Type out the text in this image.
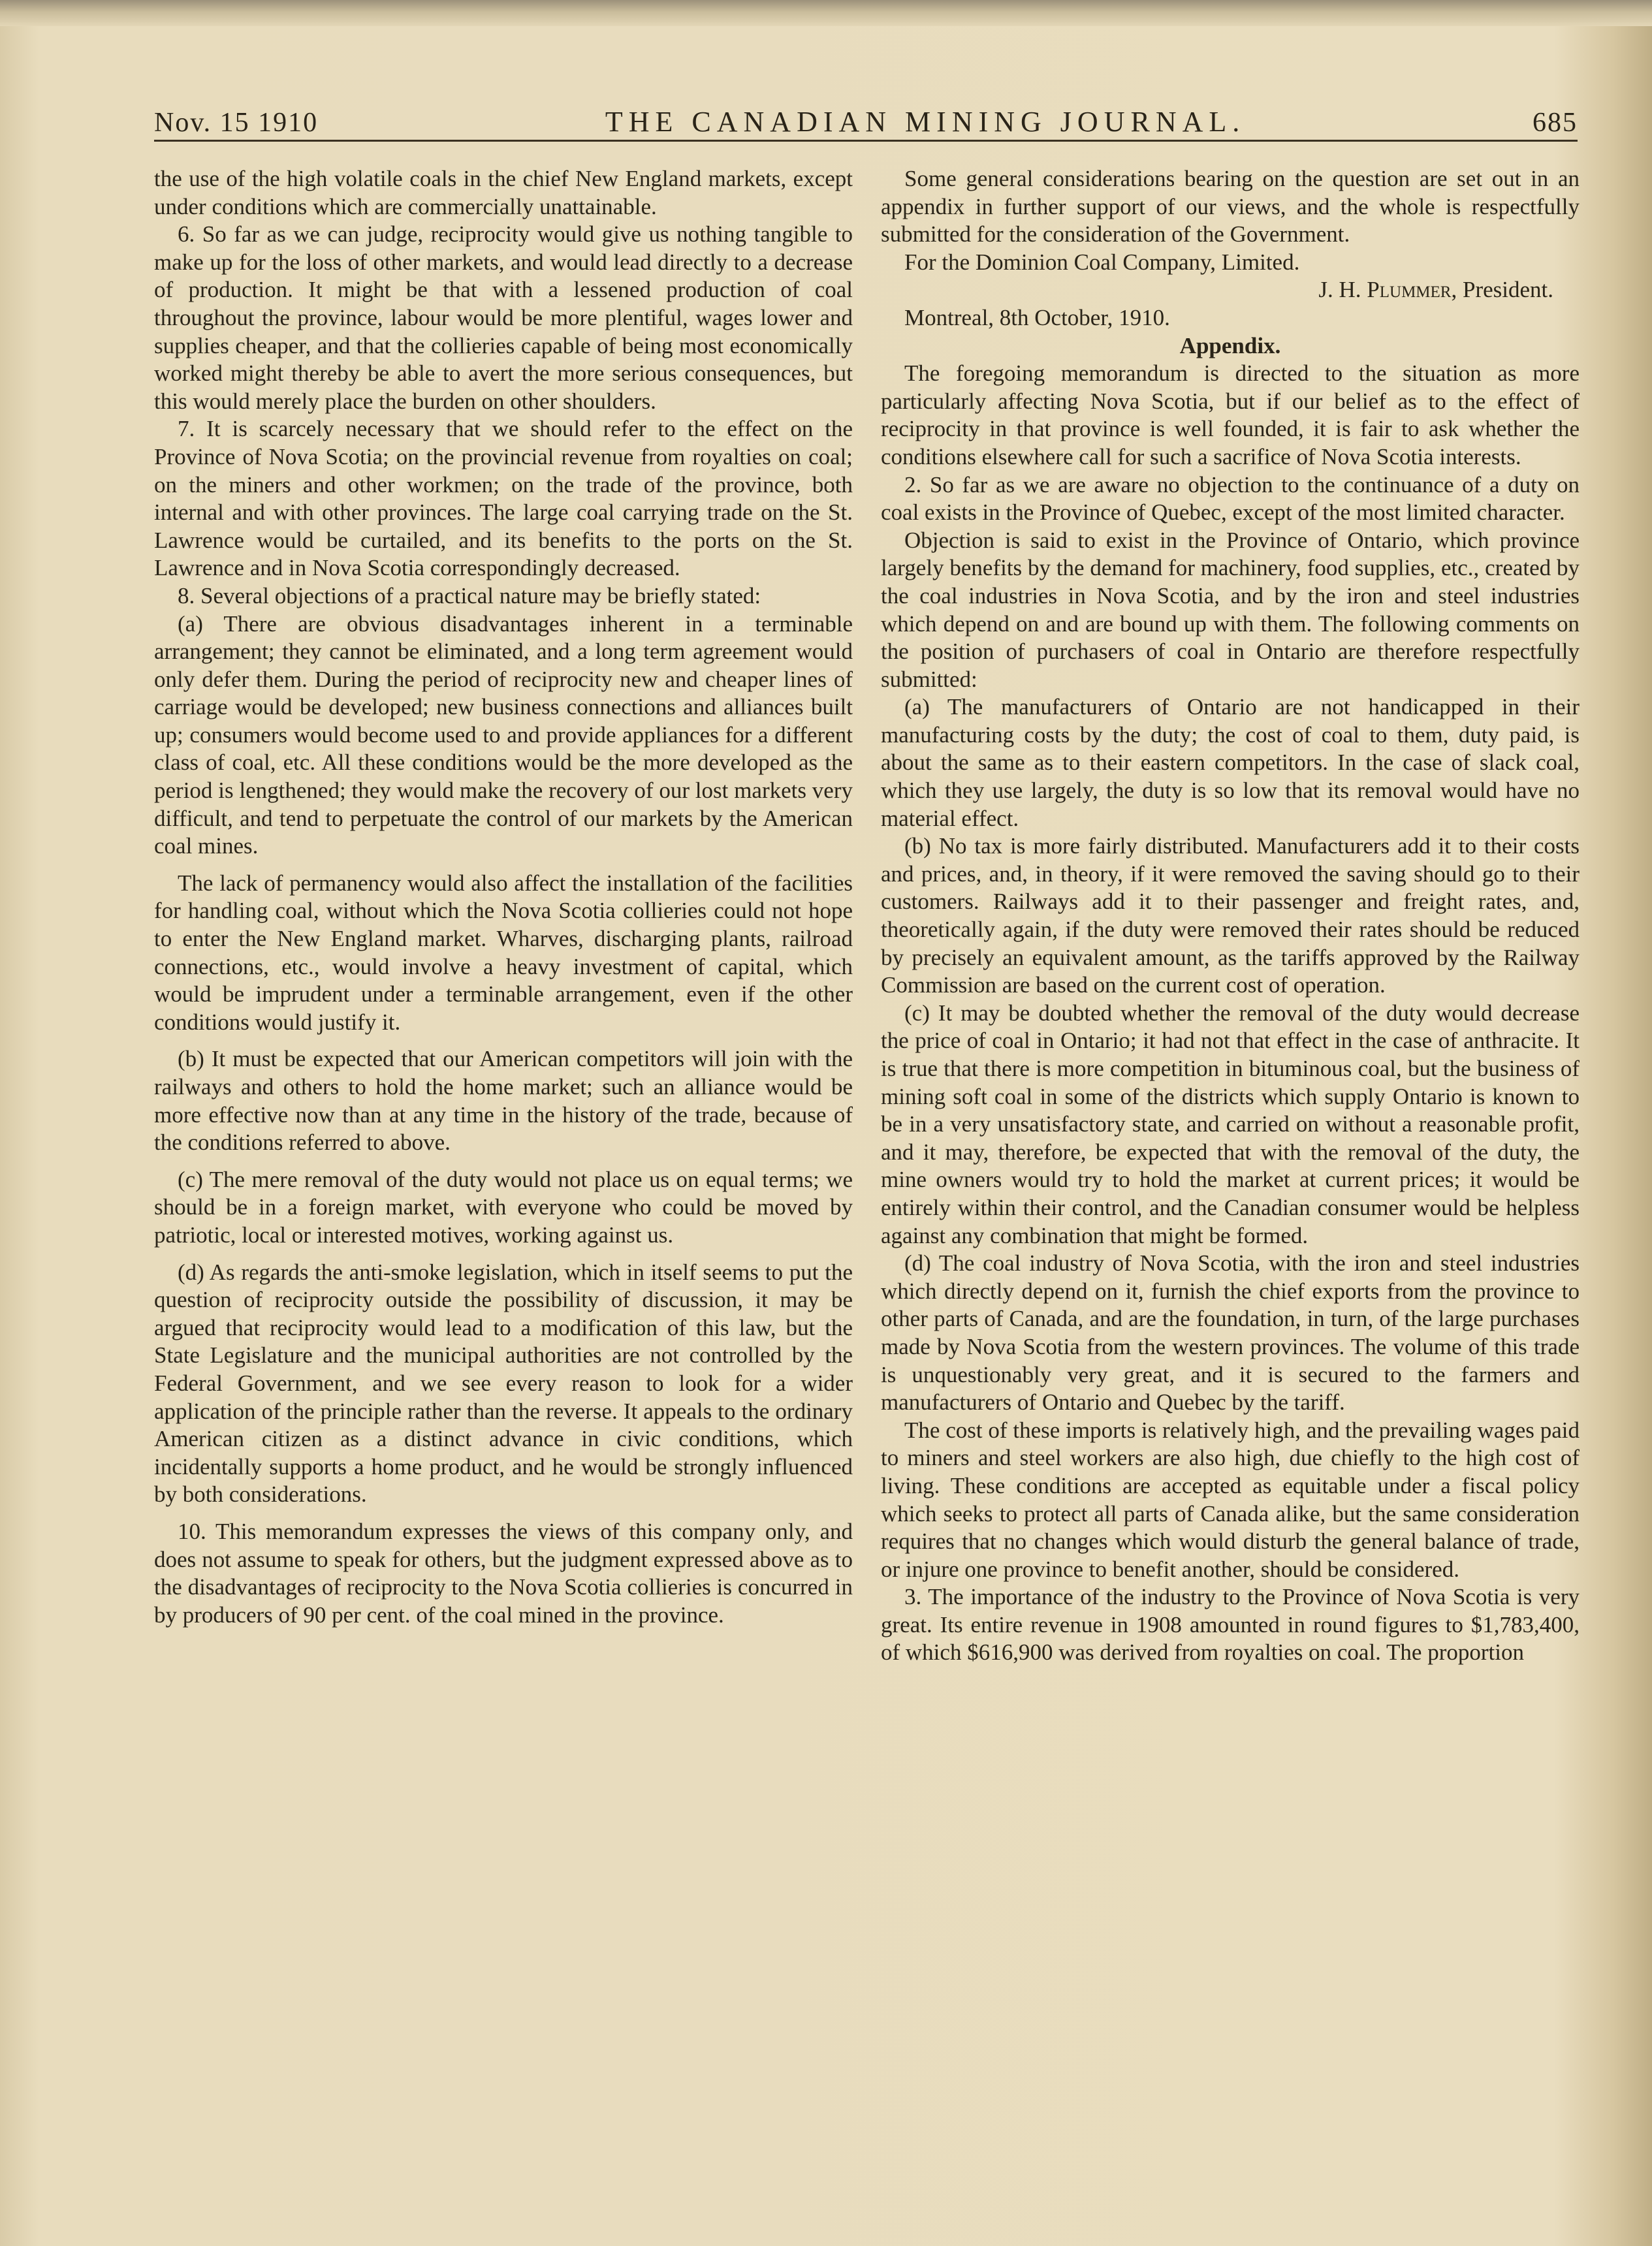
Nov. 15 1910	THE CANADIAN MINING JOURNAL.	685

the use of the high volatile coals in the chief New England markets, except under conditions which are commercially unattainable.

6. So far as we can judge, reciprocity would give us nothing tangible to make up for the loss of other markets, and would lead directly to a decrease of production. It might be that with a lessened production of coal throughout the province, labour would be more plentiful, wages lower and supplies cheaper, and that the collieries capable of being most economically worked might thereby be able to avert the more serious consequences, but this would merely place the burden on other shoulders.

7. It is scarcely necessary that we should refer to the effect on the Province of Nova Scotia; on the provincial revenue from royalties on coal; on the miners and other workmen; on the trade of the province, both internal and with other provinces. The large coal carrying trade on the St. Lawrence would be curtailed, and its benefits to the ports on the St. Lawrence and in Nova Scotia correspondingly decreased.

8. Several objections of a practical nature may be briefly stated:

(a) There are obvious disadvantages inherent in a terminable arrangement; they cannot be eliminated, and a long term agreement would only defer them. During the period of reciprocity new and cheaper lines of carriage would be developed; new business connections and alliances built up; consumers would become used to and provide appliances for a different class of coal, etc. All these conditions would be the more developed as the period is lengthened; they would make the recovery of our lost markets very difficult, and tend to perpetuate the control of our markets by the American coal mines.

The lack of permanency would also affect the installation of the facilities for handling coal, without which the Nova Scotia collieries could not hope to enter the New England market. Wharves, discharging plants, railroad connections, etc., would involve a heavy investment of capital, which would be imprudent under a terminable arrangement, even if the other conditions would justify it.

(b) It must be expected that our American competitors will join with the railways and others to hold the home market; such an alliance would be more effective now than at any time in the history of the trade, because of the conditions referred to above.

(c) The mere removal of the duty would not place us on equal terms; we should be in a foreign market, with everyone who could be moved by patriotic, local or interested motives, working against us.

(d) As regards the anti-smoke legislation, which in itself seems to put the question of reciprocity outside the possibility of discussion, it may be argued that reciprocity would lead to a modification of this law, but the State Legislature and the municipal authorities are not controlled by the Federal Government, and we see every reason to look for a wider application of the principle rather than the reverse. It appeals to the ordinary American citizen as a distinct advance in civic conditions, which incidentally supports a home product, and he would be strongly influenced by both considerations.

10. This memorandum expresses the views of this company only, and does not assume to speak for others, but the judgment expressed above as to the disadvantages of reciprocity to the Nova Scotia collieries is concurred in by producers of 90 per cent. of the coal mined in the province.

Some general considerations bearing on the question are set out in an appendix in further support of our views, and the whole is respectfully submitted for the consideration of the Government.

For the Dominion Coal Company, Limited.

J. H. Plummer, President.

Montreal, 8th October, 1910.

Appendix.

The foregoing memorandum is directed to the situation as more particularly affecting Nova Scotia, but if our belief as to the effect of reciprocity in that province is well founded, it is fair to ask whether the conditions elsewhere call for such a sacrifice of Nova Scotia interests.

2. So far as we are aware no objection to the continuance of a duty on coal exists in the Province of Quebec, except of the most limited character.

Objection is said to exist in the Province of Ontario, which province largely benefits by the demand for machinery, food supplies, etc., created by the coal industries in Nova Scotia, and by the iron and steel industries which depend on and are bound up with them. The following comments on the position of purchasers of coal in Ontario are therefore respectfully submitted:

(a) The manufacturers of Ontario are not handicapped in their manufacturing costs by the duty; the cost of coal to them, duty paid, is about the same as to their eastern competitors. In the case of slack coal, which they use largely, the duty is so low that its removal would have no material effect.

(b) No tax is more fairly distributed. Manufacturers add it to their costs and prices, and, in theory, if it were removed the saving should go to their customers. Railways add it to their passenger and freight rates, and, theoretically again, if the duty were removed their rates should be reduced by precisely an equivalent amount, as the tariffs approved by the Railway Commission are based on the current cost of operation.

(c) It may be doubted whether the removal of the duty would decrease the price of coal in Ontario; it had not that effect in the case of anthracite. It is true that there is more competition in bituminous coal, but the business of mining soft coal in some of the districts which supply Ontario is known to be in a very unsatisfactory state, and carried on without a reasonable profit, and it may, therefore, be expected that with the removal of the duty, the mine owners would try to hold the market at current prices; it would be entirely within their control, and the Canadian consumer would be helpless against any combination that might be formed.

(d) The coal industry of Nova Scotia, with the iron and steel industries which directly depend on it, furnish the chief exports from the province to other parts of Canada, and are the foundation, in turn, of the large purchases made by Nova Scotia from the western provinces. The volume of this trade is unquestionably very great, and it is secured to the farmers and manufacturers of Ontario and Quebec by the tariff.

The cost of these imports is relatively high, and the prevailing wages paid to miners and steel workers are also high, due chiefly to the high cost of living. These conditions are accepted as equitable under a fiscal policy which seeks to protect all parts of Canada alike, but the same consideration requires that no changes which would disturb the general balance of trade, or injure one province to benefit another, should be considered.

3. The importance of the industry to the Province of Nova Scotia is very great. Its entire revenue in 1908 amounted in round figures to $1,783,400, of which $616,900 was derived from royalties on coal. The proportion
